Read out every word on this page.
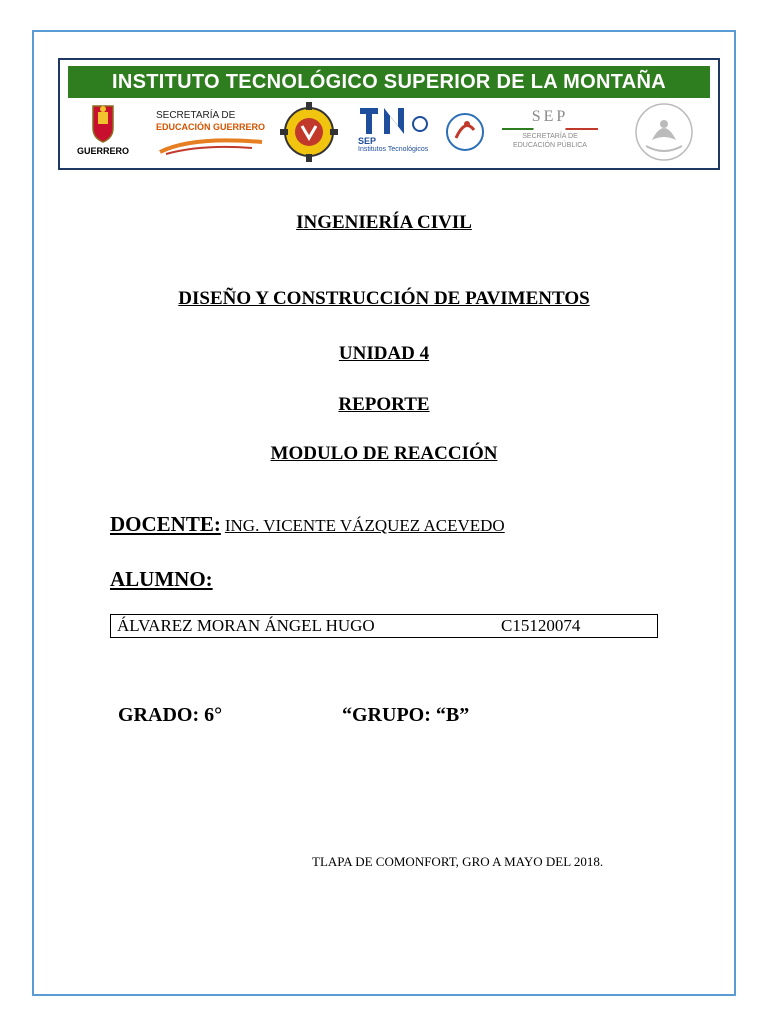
INSTITUTO TECNOLÓGICO SUPERIOR DE LA MONTAÑA
GUERRERO
SECRETARÍA DE
EDUCACIÓN GUERRERO
SEP
Institutos Tecnológicos
SEP
SECRETARÍA DE
EDUCACIÓN PÚBLICA
INGENIERÍA CIVIL
DISEÑO Y CONSTRUCCIÓN DE PAVIMENTOS
UNIDAD 4
REPORTE
MODULO DE REACCIÓN
DOCENTE: ING. VICENTE VÁZQUEZ ACEVEDO
ALUMNO:
ÁLVAREZ MORAN ÁNGEL HUGO	C15120074
GRADO: 6°	“GRUPO: “B”
TLAPA DE COMONFORT, GRO A MAYO DEL 2018.
